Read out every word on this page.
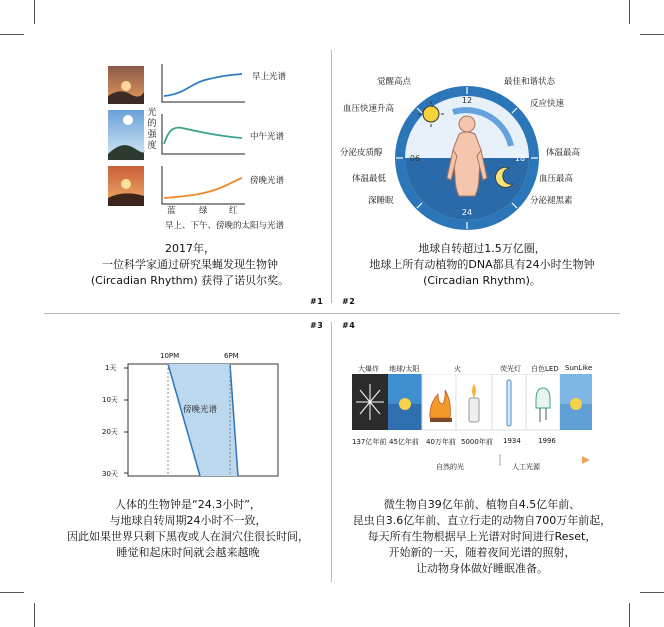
光
的
强
度
早上光谱
中午光谱
傍晚光谱
蓝	绿	红
早上、下午、傍晚的太阳与光谱
2017年，
一位科学家通过研究果蝇发现生物钟
(Circadian Rhythm) 获得了诺贝尔奖。
#1
12
06	18
24
觉醒高点	最佳和谐状态
血压快速升高	反应快速
分泌皮质醇	体温最高
体温最低	血压最高
深睡眠	分泌褪黑素
地球自转超过1.5万亿圈，
地球上所有动植物的DNA都具有24小时生物钟
(Circadian Rhythm)。
#2
#3
10PM	6PM
1天
10天
20天
30天
傍晚光谱
人体的生物钟是“24.3小时”，
与地球自转周期24小时不一致，
因此如果世界只剩下黑夜或人在洞穴住很长时间，
睡觉和起床时间就会越来越晚
#4
大爆炸 地球/太阳	火	荧光灯 白色LED SunLike
137亿年前 45亿年前 40万年前 5000年前 1934 1996
自然的光	人工光源
微生物自39亿年前、植物自4.5亿年前、
昆虫自3.6亿年前、直立行走的动物自700万年前起，
每天所有生物根据早上光谱对时间进行Reset，
开始新的一天，随着夜间光谱的照射，
让动物身体做好睡眠准备。
